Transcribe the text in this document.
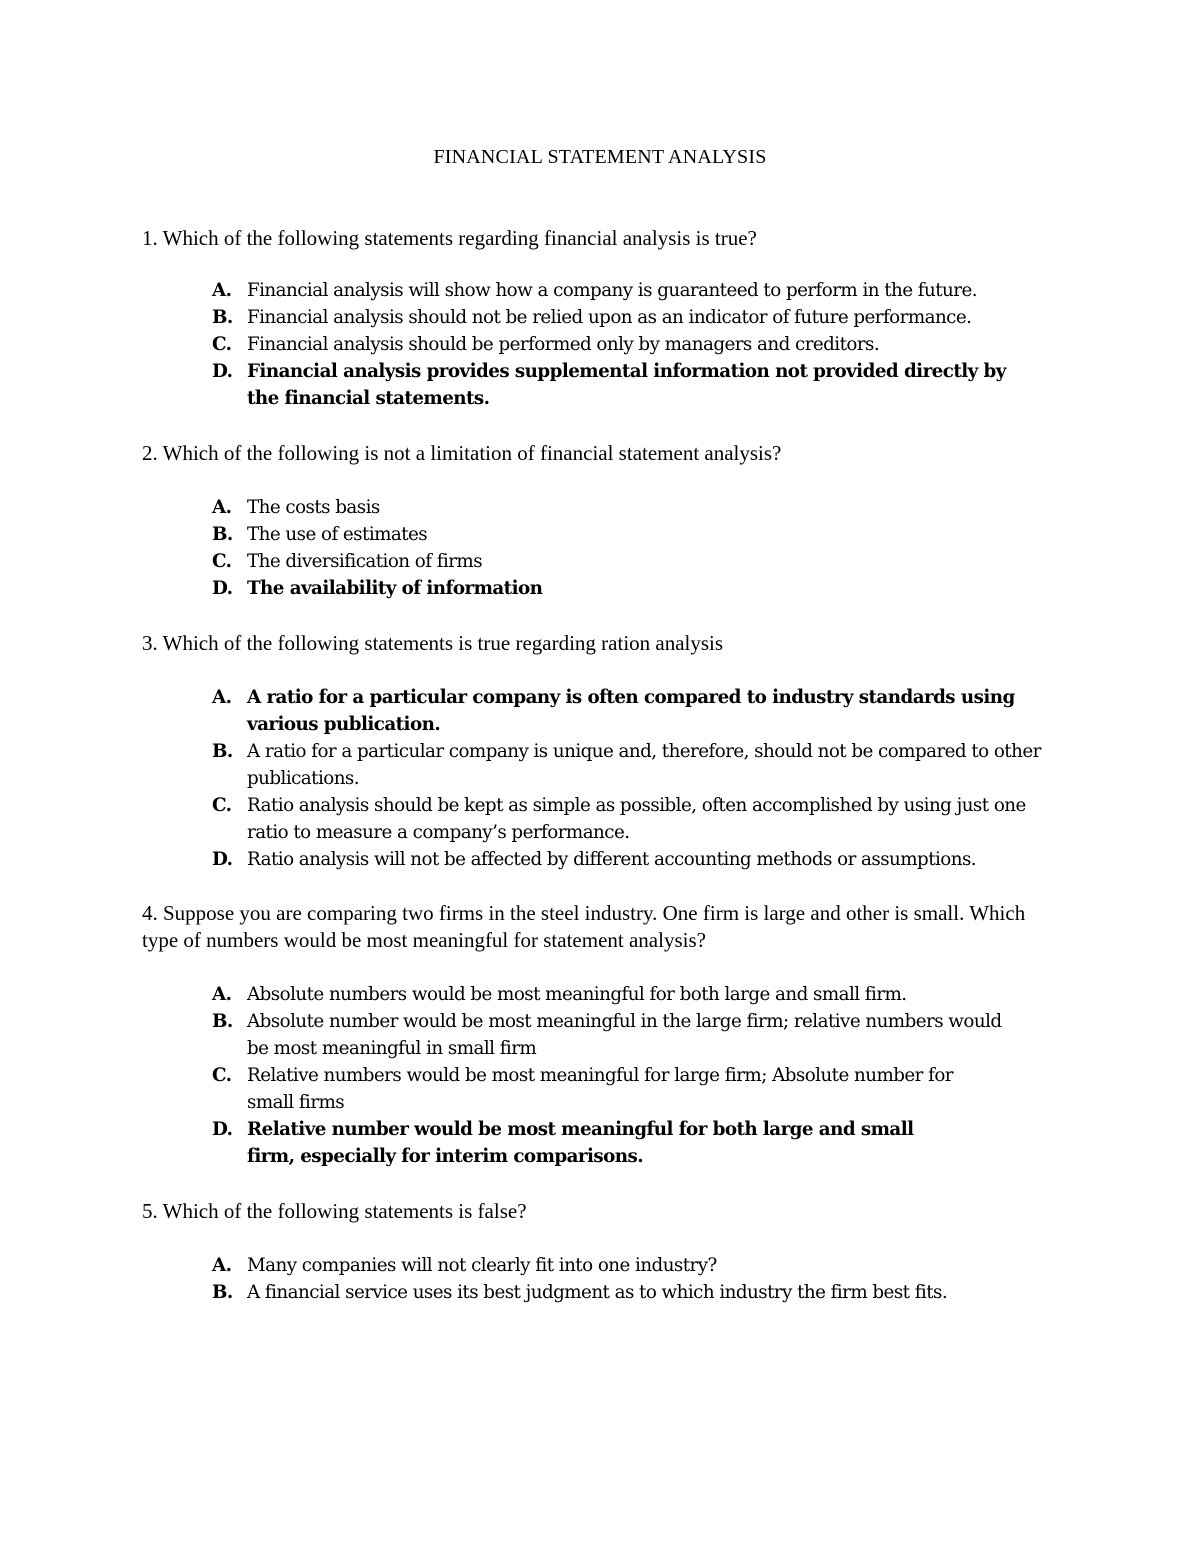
FINANCIAL STATEMENT ANALYSIS
1. Which of the following statements regarding financial analysis is true?
A. Financial analysis will show how a company is guaranteed to perform in the future.
B. Financial analysis should not be relied upon as an indicator of future performance.
C. Financial analysis should be performed only by managers and creditors.
D. Financial analysis provides supplemental information not provided directly by the financial statements.
2. Which of the following is not a limitation of financial statement analysis?
A. The costs basis
B. The use of estimates
C. The diversification of firms
D. The availability of information
3. Which of the following statements is true regarding ration analysis
A. A ratio for a particular company is often compared to industry standards using various publication.
B. A ratio for a particular company is unique and, therefore, should not be compared to other publications.
C. Ratio analysis should be kept as simple as possible, often accomplished by using just one ratio to measure a company’s performance.
D. Ratio analysis will not be affected by different accounting methods or assumptions.
4. Suppose you are comparing two firms in the steel industry. One firm is large and other is small. Which type of numbers would be most meaningful for statement analysis?
A. Absolute numbers would be most meaningful for both large and small firm.
B. Absolute number would be most meaningful in the large firm; relative numbers would be most meaningful in small firm
C. Relative numbers would be most meaningful for large firm; Absolute number for small firms
D. Relative number would be most meaningful for both large and small firm, especially for interim comparisons.
5. Which of the following statements is false?
A. Many companies will not clearly fit into one industry?
B. A financial service uses its best judgment as to which industry the firm best fits.
